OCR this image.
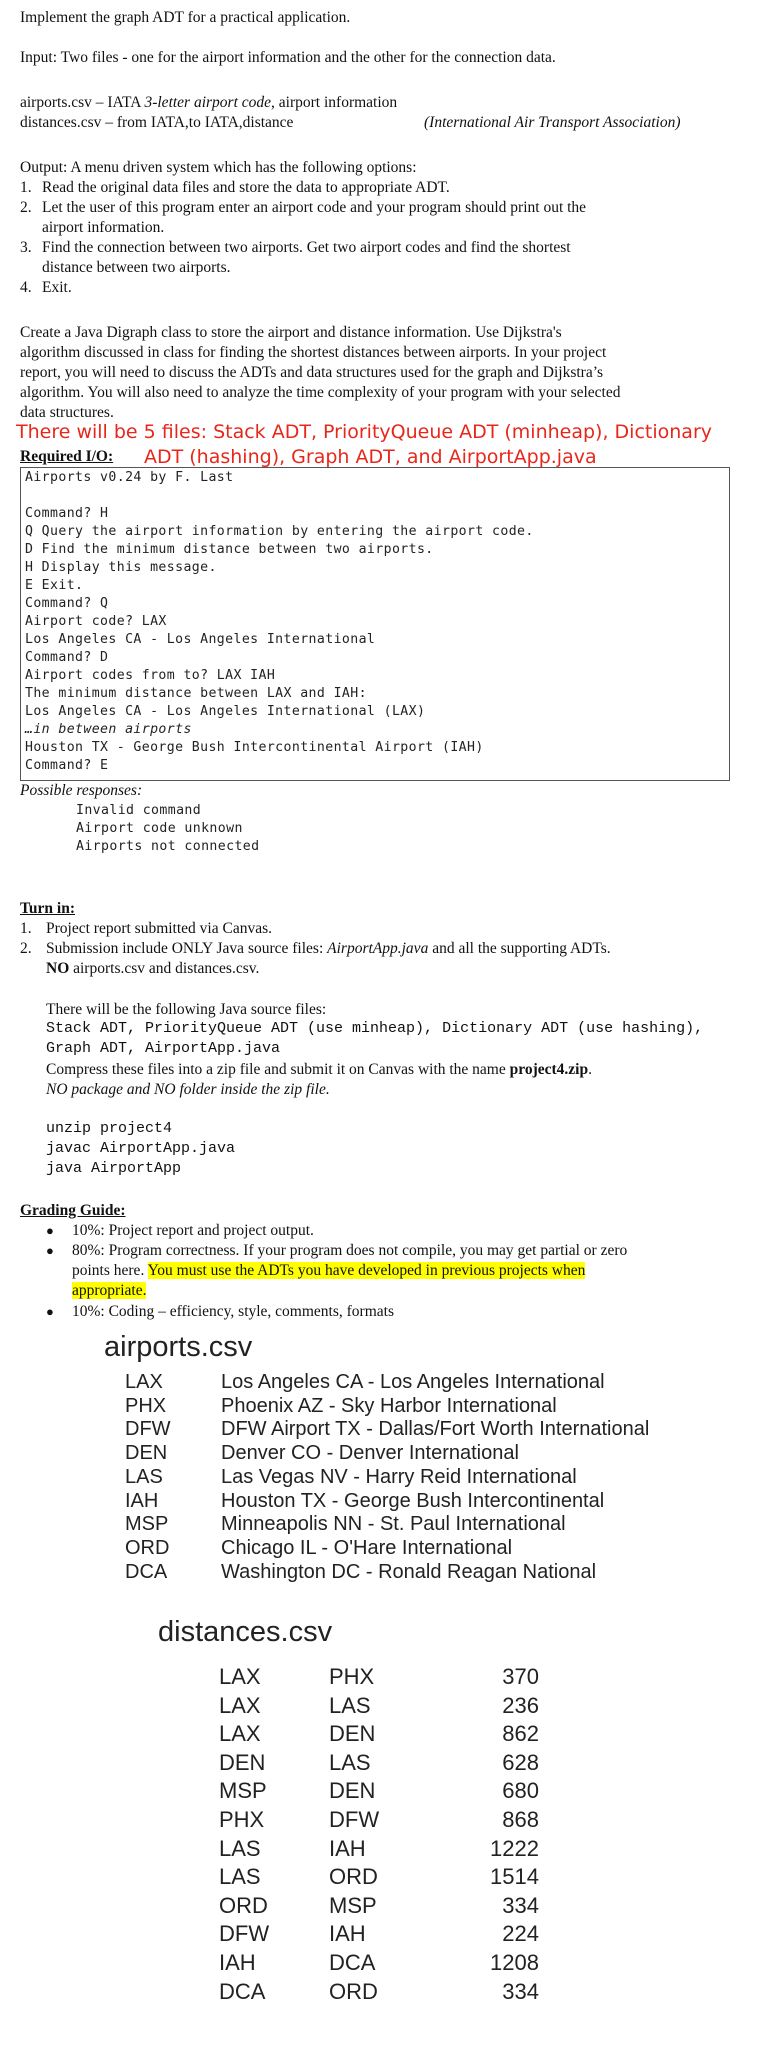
Implement the graph ADT for a practical application.
Input: Two files - one for the airport information and the other for the connection data.
airports.csv – IATA 3-letter airport code, airport information
distances.csv – from IATA,to IATA,distance	(International Air Transport Association)
Output: A menu driven system which has the following options:
1. Read the original data files and store the data to appropriate ADT.
2. Let the user of this program enter an airport code and your program should print out the
airport information.
3. Find the connection between two airports. Get two airport codes and find the shortest
distance between two airports.
4. Exit.
Create a Java Digraph class to store the airport and distance information. Use Dijkstra's
algorithm discussed in class for finding the shortest distances between airports. In your project
report, you will need to discuss the ADTs and data structures used for the graph and Dijkstra’s
algorithm. You will also need to analyze the time complexity of your program with your selected
data structures.
There will be 5 files: Stack ADT, PriorityQueue ADT (minheap), Dictionary
ADT (hashing), Graph ADT, and AirportApp.java
Required I/O:
Airports v0.24 by F. Last
Command? H
Q Query the airport information by entering the airport code.
D Find the minimum distance between two airports.
H Display this message.
E Exit.
Command? Q
Airport code? LAX
Los Angeles CA - Los Angeles International
Command? D
Airport codes from to? LAX IAH
The minimum distance between LAX and IAH:
Los Angeles CA - Los Angeles International (LAX)
…in between airports
Houston TX - George Bush Intercontinental Airport (IAH)
Command? E
Possible responses:
Invalid command
Airport code unknown
Airports not connected
Turn in:
1. Project report submitted via Canvas.
2. Submission include ONLY Java source files: AirportApp.java and all the supporting ADTs.
NO airports.csv and distances.csv.
There will be the following Java source files:
Stack ADT, PriorityQueue ADT (use minheap), Dictionary ADT (use hashing),
Graph ADT, AirportApp.java
Compress these files into a zip file and submit it on Canvas with the name project4.zip.
NO package and NO folder inside the zip file.
unzip project4
javac AirportApp.java
java AirportApp
Grading Guide:
● 10%: Project report and project output.
● 80%: Program correctness. If your program does not compile, you may get partial or zero
points here. You must use the ADTs you have developed in previous projects when
appropriate.
● 10%: Coding – efficiency, style, comments, formats
airports.csv
LAX	Los Angeles CA - Los Angeles International
PHX	Phoenix AZ - Sky Harbor International
DFW	DFW Airport TX - Dallas/Fort Worth International
DEN	Denver CO - Denver International
LAS	Las Vegas NV - Harry Reid International
IAH	Houston TX - George Bush Intercontinental
MSP	Minneapolis NN - St. Paul International
ORD	Chicago IL - O'Hare International
DCA	Washington DC - Ronald Reagan National
distances.csv
LAX	PHX	370
LAX	LAS	236
LAX	DEN	862
DEN	LAS	628
MSP	DEN	680
PHX	DFW	868
LAS	IAH	1222
LAS	ORD	1514
ORD	MSP	334
DFW	IAH	224
IAH	DCA	1208
DCA	ORD	334
